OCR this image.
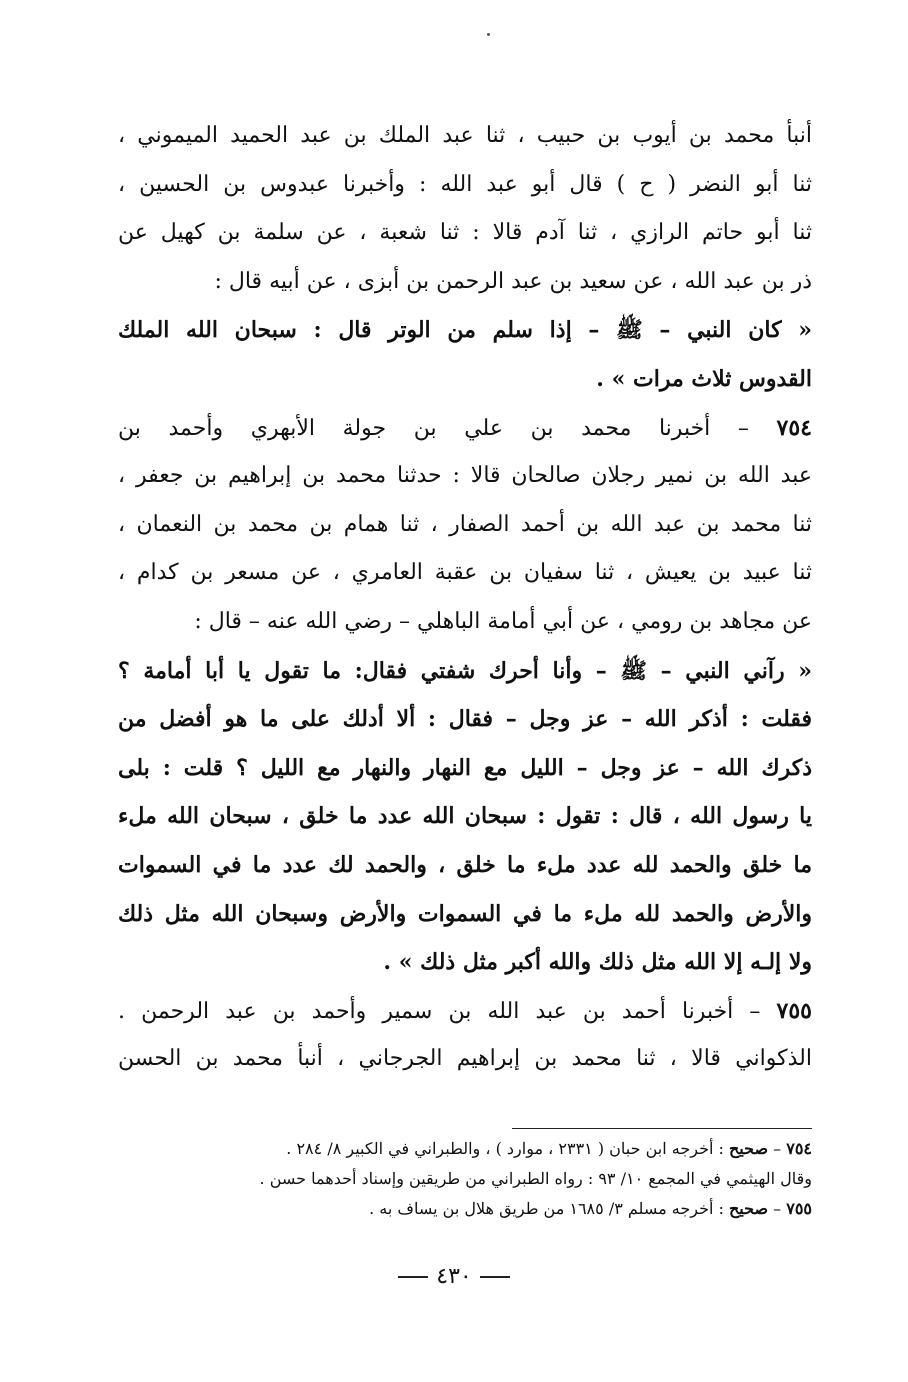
أنبأ محمد بن أيوب بن حبيب ، ثنا عبد الملك بن عبد الحميد الميموني ،
ثنا أبو النضر ( ح ) قال أبو عبد الله : وأخبرنا عبدوس بن الحسين ،
ثنا أبو حاتم الرازي ، ثنا آدم قالا : ثنا شعبة ، عن سلمة بن كهيل عن
ذر بن عبد الله ، عن سعيد بن عبد الرحمن بن أبزى ، عن أبيه قال :
« كان النبي – ﷺ – إذا سلم من الوتر قال : سبحان الله الملك
القدوس ثلاث مرات » .
٧٥٤ – أخبرنا محمد بن علي بن جولة الأبهري وأحمد بن
عبد الله بن نمير رجلان صالحان قالا : حدثنا محمد بن إبراهيم بن جعفر ،
ثنا محمد بن عبد الله بن أحمد الصفار ، ثنا همام بن محمد بن النعمان ،
ثنا عبيد بن يعيش ، ثنا سفيان بن عقبة العامري ، عن مسعر بن كدام ،
عن مجاهد بن رومي ، عن أبي أمامة الباهلي – رضي الله عنه – قال :
« رآني النبي – ﷺ – وأنا أحرك شفتي فقال: ما تقول يا أبا أمامة ؟
فقلت : أذكر الله – عز وجل – فقال : ألا أدلك على ما هو أفضل من
ذكرك الله – عز وجل – الليل مع النهار والنهار مع الليل ؟ قلت : بلى
يا رسول الله ، قال : تقول : سبحان الله عدد ما خلق ، سبحان الله ملء
ما خلق والحمد لله عدد ملء ما خلق ، والحمد لك عدد ما في السموات
والأرض والحمد لله ملء ما في السموات والأرض وسبحان الله مثل ذلك
ولا إلـه إلا الله مثل ذلك والله أكبر مثل ذلك » .
٧٥٥ – أخبرنا أحمد بن عبد الله بن سمير وأحمد بن عبد الرحمن .
الذكواني قالا ، ثنا محمد بن إبراهيم الجرجاني ، أنبأ محمد بن الحسن
٧٥٤ – صحيح : أخرجه ابن حبان ( ٢٣٣١ ، موارد ) ، والطبراني في الكبير ٨/ ٢٨٤ .
وقال الهيثمي في المجمع ١٠/ ٩٣ : رواه الطبراني من طريقين وإسناد أحدهما حسن .
٧٥٥ – صحيح : أخرجه مسلم ٣/ ١٦٨٥ من طريق هلال بن يساف به .
٤٣٠
